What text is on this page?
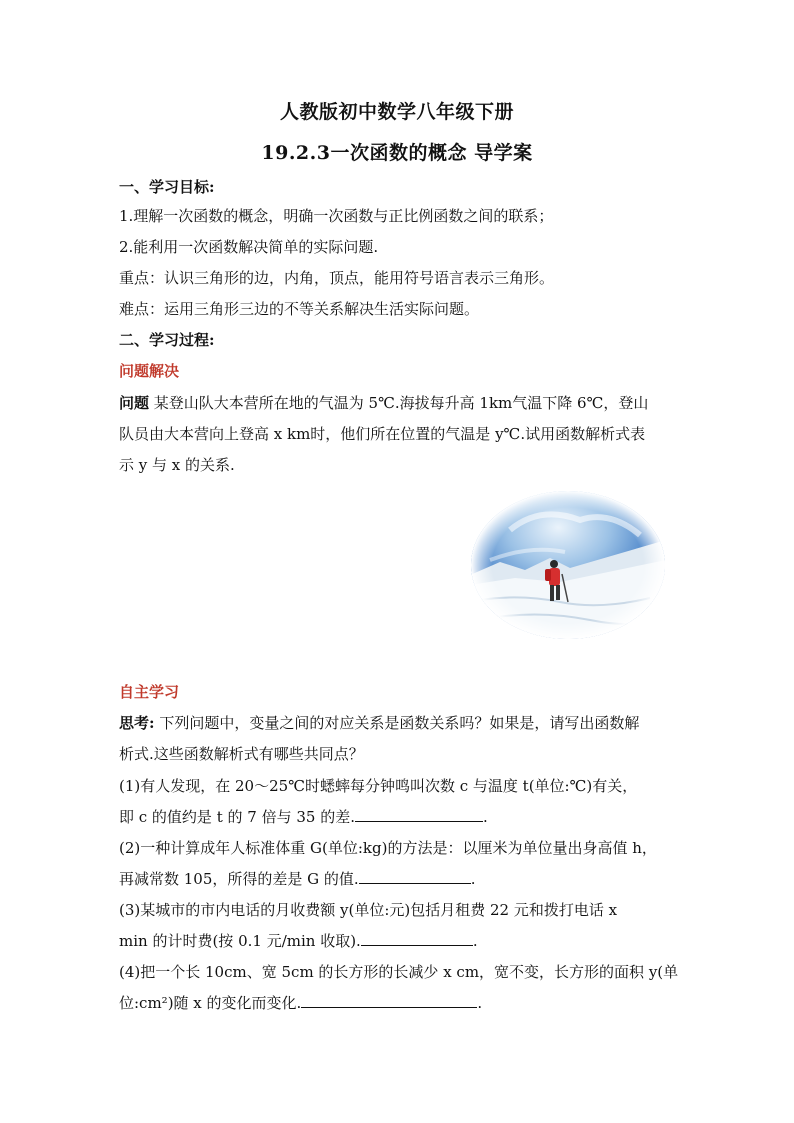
人教版初中数学八年级下册
19.2.3一次函数的概念 导学案
一、学习目标:
1.理解一次函数的概念，明确一次函数与正比例函数之间的联系；
2.能利用一次函数解决简单的实际问题.
重点：认识三角形的边，内角，顶点，能用符号语言表示三角形。
难点：运用三角形三边的不等关系解决生活实际问题。
二、学习过程:
问题解决
问题 某登山队大本营所在地的气温为 5℃.海拔每升高 1km气温下降 6℃，登山
队员由大本营向上登高 x km时，他们所在位置的气温是 y℃.试用函数解析式表
示 y 与 x 的关系.
自主学习
思考: 下列问题中，变量之间的对应关系是函数关系吗？如果是，请写出函数解
析式.这些函数解析式有哪些共同点？
(1)有人发现，在 20～25℃时蟋蟀每分钟鸣叫次数 c 与温度 t(单位:℃)有关，
即 c 的值约是 t 的 7 倍与 35 的差.	.
(2)一种计算成年人标准体重 G(单位:kg)的方法是：以厘米为单位量出身高值 h，
再减常数 105，所得的差是 G 的值.	.
(3)某城市的市内电话的月收费额 y(单位:元)包括月租费 22 元和拨打电话 x
min 的计时费(按 0.1 元/min 收取).	.
(4)把一个长 10cm、宽 5cm 的长方形的长减少 x cm，宽不变，长方形的面积 y(单
位:cm²)随 x 的变化而变化.	.
